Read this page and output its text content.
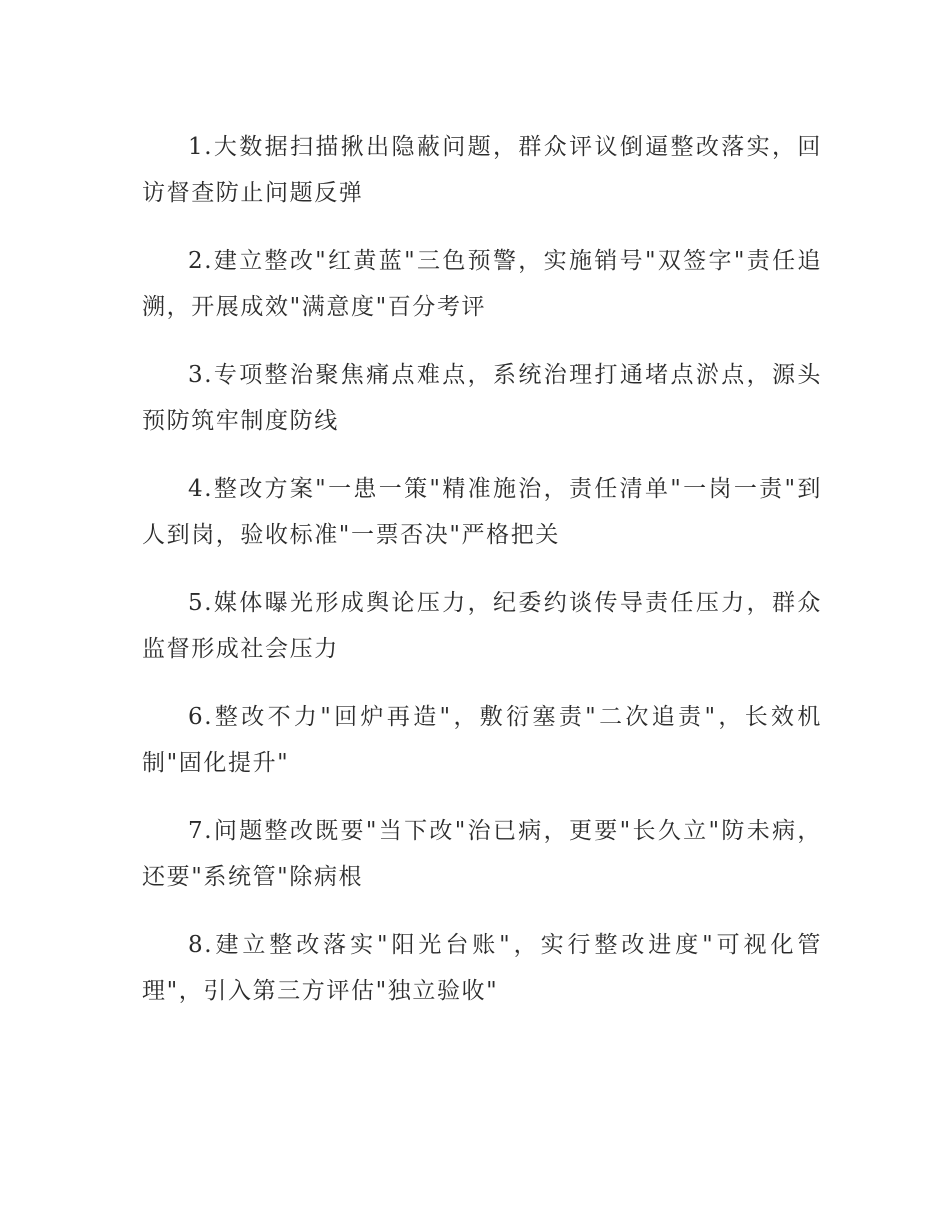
1.大数据扫描揪出隐蔽问题，群众评议倒逼整改落实，回访督查防止问题反弹

2.建立整改"红黄蓝"三色预警，实施销号"双签字"责任追溯，开展成效"满意度"百分考评

3.专项整治聚焦痛点难点，系统治理打通堵点淤点，源头预防筑牢制度防线

4.整改方案"一患一策"精准施治，责任清单"一岗一责"到人到岗，验收标准"一票否决"严格把关

5.媒体曝光形成舆论压力，纪委约谈传导责任压力，群众监督形成社会压力

6.整改不力"回炉再造"，敷衍塞责"二次追责"，长效机制"固化提升"

7.问题整改既要"当下改"治已病，更要"长久立"防未病，还要"系统管"除病根

8.建立整改落实"阳光台账"，实行整改进度"可视化管理"，引入第三方评估"独立验收"
